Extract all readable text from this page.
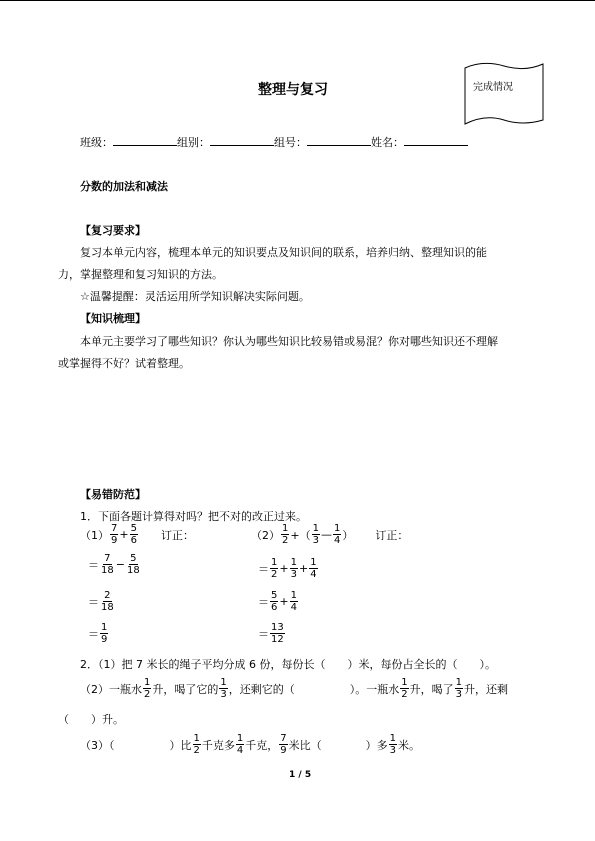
整理与复习	完成情况
班级：	组别：	组号：	姓名：
分数的加法和减法
【复习要求】
复习本单元内容，梳理本单元的知识要点及知识间的联系，培养归纳、整理知识的能
力，掌握整理和复习知识的方法。
☆温馨提醒：灵活运用所学知识解决实际问题。
【知识梳理】
本单元主要学习了哪些知识？你认为哪些知识比较易错或易混？你对哪些知识还不理解
或掌握得不好？试着整理。
【易错防范】
1．下面各题计算得对吗？把不对的改正过来。
$(1) \frac{7}{9} + \frac{5}{6}$ 订正：
＝ $\frac{7}{18} - \frac{5}{18}$
＝ $\frac{2}{18}$
＝ $\frac{1}{9}$
$(2) \frac{1}{2}$ +（ $\frac{1}{3}$ — $\frac{1}{4}$ ） 订正：
＝ $\frac{1}{2} + \frac{1}{3} + \frac{1}{4}$
＝ $\frac{5}{6} + \frac{1}{4}$
＝ $\frac{13}{12}$
2．（1）把 7 米长的绳子平均分成 6 份，每份长（　　）米，每份占全长的（　　）。
（2）一瓶水 $\frac{1}{2}$ 升，喝了它的 $\frac{1}{3}$ ，还剩它的（　　　　　）。一瓶水 $\frac{1}{2}$ 升，喝了 $\frac{1}{3}$ 升，还剩
（　　）升。
（3）（　　　　　）比 $\frac{1}{2}$ 千克多 $\frac{1}{4}$ 千克， $\frac{7}{9}$ 米比（　　　　）多 $\frac{1}{3}$ 米。
1 / 5
